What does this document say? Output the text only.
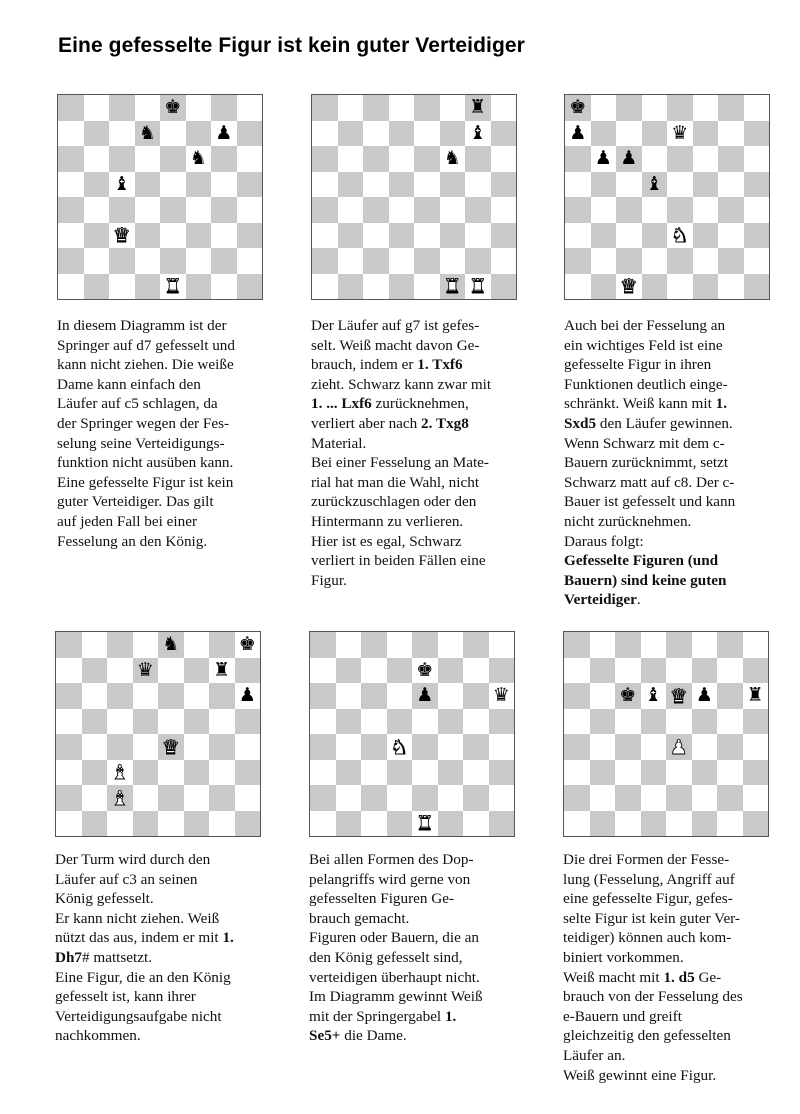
Eine gefesselte Figur ist kein guter Verteidiger
♚
♞	♟
♞
♝
♛
♜
♜
♝
♞
♜ ♜
♚
♟	♛
♟ ♟
♝
♞
♛
♞	♚
♛	♜
♟
♛
♝
♝
♚
♟	♛
♞
♜
♚ ♝ ♛ ♟ ♜
♟

In diesem Diagramm ist der

Springer auf d7 gefesselt und

kann nicht ziehen. Die weiße

Dame kann einfach den

Läufer auf c5 schlagen, da

der Springer wegen der Fes-

selung seine Verteidigungs-

funktion nicht ausüben kann.

Eine gefesselte Figur ist kein

guter Verteidiger. Das gilt

auf jeden Fall bei einer

Fesselung an den König.

Der Läufer auf g7 ist gefes-

selt. Weiß macht davon Ge-

brauch, indem er 1. Txf6

zieht. Schwarz kann zwar mit

1. ... Lxf6 zurücknehmen,

verliert aber nach 2. Txg8

Material.

Bei einer Fesselung an Mate-

rial hat man die Wahl, nicht

zurückzuschlagen oder den

Hintermann zu verlieren.

Hier ist es egal, Schwarz

verliert in beiden Fällen eine

Figur.

Auch bei der Fesselung an

ein wichtiges Feld ist eine

gefesselte Figur in ihren

Funktionen deutlich einge-

schränkt. Weiß kann mit 1.

Sxd5 den Läufer gewinnen.

Wenn Schwarz mit dem c-

Bauern zurücknimmt, setzt

Schwarz matt auf c8. Der c-

Bauer ist gefesselt und kann

nicht zurücknehmen.

Daraus folgt:

Gefesselte Figuren (und

Bauern) sind keine guten

Verteidiger.

Der Turm wird durch den

Läufer auf c3 an seinen

König gefesselt.

Er kann nicht ziehen. Weiß

nützt das aus, indem er mit 1.

Dh7# mattsetzt.

Eine Figur, die an den König

gefesselt ist, kann ihrer

Verteidigungsaufgabe nicht

nachkommen.

Bei allen Formen des Dop-

pelangriffs wird gerne von

gefesselten Figuren Ge-

brauch gemacht.

Figuren oder Bauern, die an

den König gefesselt sind,

verteidigen überhaupt nicht.

Im Diagramm gewinnt Weiß

mit der Springergabel 1.

Se5+ die Dame.

Die drei Formen der Fesse-

lung (Fesselung, Angriff auf

eine gefesselte Figur, gefes-

selte Figur ist kein guter Ver-

teidiger) können auch kom-

biniert vorkommen.

Weiß macht mit 1. d5 Ge-

brauch von der Fesselung des

e-Bauern und greift

gleichzeitig den gefesselten

Läufer an.

Weiß gewinnt eine Figur.
